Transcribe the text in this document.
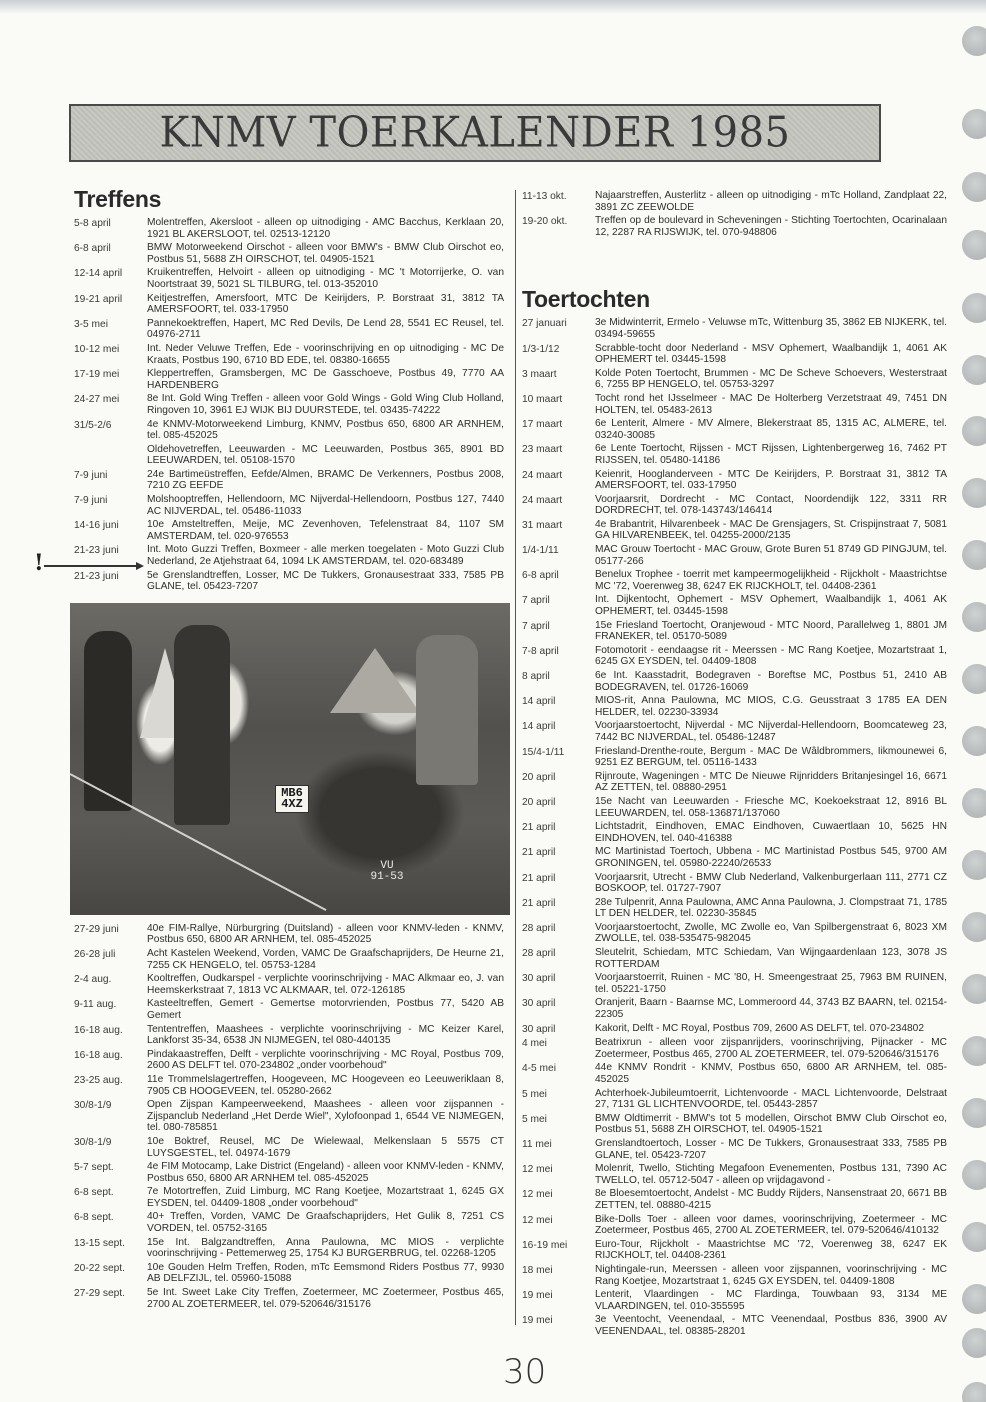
KNMV TOERKALENDER 1985
!
Treffens
5-8 april	Molentreffen, Akersloot - alleen op uitnodiging - AMC Bacchus, Kerklaan 20, 1921 BL AKERSLOOT, tel. 02513-12120
6-8 april	BMW Motorweekend Oirschot - alleen voor BMW's - BMW Club Oirschot eo, Postbus 51, 5688 ZH OIRSCHOT, tel. 04905-1521
12-14 april	Kruikentreffen, Helvoirt - alleen op uitnodiging - MC 't Motorrijerke, O. van Noortstraat 39, 5021 SL TILBURG, tel. 013-352010
19-21 april	Keitjestreffen, Amersfoort, MTC De Keirijders, P. Borstraat 31, 3812 TA AMERSFOORT, tel. 033-17950
3-5 mei	Pannekoektreffen, Hapert, MC Red Devils, De Lend 28, 5541 EC Reusel, tel. 04976-2711
10-12 mei	Int. Neder Veluwe Treffen, Ede - voorinschrijving en op uitnodiging - MC De Kraats, Postbus 190, 6710 BD EDE, tel. 08380-16655
17-19 mei	Kleppertreffen, Gramsbergen, MC De Gasschoeve, Postbus 49, 7770 AA HARDENBERG
24-27 mei	8e Int. Gold Wing Treffen - alleen voor Gold Wings - Gold Wing Club Holland, Ringoven 10, 3961 EJ WIJK BIJ DUURSTEDE, tel. 03435-74222
31/5-2/6	4e KNMV-Motorweekend Limburg, KNMV, Postbus 650, 6800 AR ARNHEM, tel. 085-452025
Oldehovetreffen, Leeuwarden - MC Leeuwarden, Postbus 365, 8901 BD LEEUWARDEN, tel. 05108-1570
7-9 juni	24e Bartimeüstreffen, Eefde/Almen, BRAMC De Verkenners, Postbus 2008, 7210 ZG EEFDE
7-9 juni	Molshooptreffen, Hellendoorn, MC Nijverdal-Hellendoorn, Postbus 127, 7440 AC NIJVERDAL, tel. 05486-11033
14-16 juni	10e Amsteltreffen, Meije, MC Zevenhoven, Tefelenstraat 84, 1107 SM AMSTERDAM, tel. 020-976553
21-23 juni	Int. Moto Guzzi Treffen, Boxmeer - alle merken toegelaten - Moto Guzzi Club Nederland, 2e Atjehstraat 64, 1094 LK AMSTERDAM, tel. 020-683489
21-23 juni	5e Grenslandtreffen, Losser, MC De Tukkers, Gronausestraat 333, 7585 PB GLANE, tel. 05423-7207
MB6 4XZ
VU 91-53
27-29 juni	40e FIM-Rallye, Nürburgring (Duitsland) - alleen voor KNMV-leden - KNMV, Postbus 650, 6800 AR ARNHEM, tel. 085-452025
26-28 juli	Acht Kastelen Weekend, Vorden, VAMC De Graafschaprijders, De Heurne 21, 7255 CK HENGELO, tel. 05753-1284
2-4 aug.	Kooltreffen, Oudkarspel - verplichte voorinschrijving - MAC Alkmaar eo, J. van Heemskerkstraat 7, 1813 VC ALKMAAR, tel. 072-126185
9-11 aug.	Kasteeltreffen, Gemert - Gemertse motorvrienden, Postbus 77, 5420 AB Gemert
16-18 aug.	Tententreffen, Maashees - verplichte voorinschrijving - MC Keizer Karel, Lankforst 35-34, 6538 JN NIJMEGEN, tel 080-440135
16-18 aug.	Pindakaastreffen, Delft - verplichte voorinschrijving - MC Royal, Postbus 709, 2600 AS DELFT tel. 070-234802 „onder voorbehoud"
23-25 aug.	11e Trommelslagertreffen, Hoogeveen, MC Hoogeveen eo Leeuweriklaan 8, 7905 CB HOOGEVEEN, tel. 05280-2662
30/8-1/9	Open Zijspan Kampeerweekend, Maashees - alleen voor zijspannen - Zijspanclub Nederland „Het Derde Wiel", Xylofoonpad 1, 6544 VE NIJMEGEN, tel. 080-785851
30/8-1/9	10e Boktref, Reusel, MC De Wielewaal, Melkenslaan 5 5575 CT LUYSGESTEL, tel. 04974-1679
5-7 sept.	4e FIM Motocamp, Lake District (Engeland) - alleen voor KNMV-leden - KNMV, Postbus 650, 6800 AR ARNHEM tel. 085-452025
6-8 sept.	7e Motortreffen, Zuid Limburg, MC Rang Koetjee, Mozartstraat 1, 6245 GX EYSDEN, tel. 04409-1808 „onder voorbehoud"
6-8 sept.	40+ Treffen, Vorden, VAMC De Graafschaprijders, Het Gulik 8, 7251 CS VORDEN, tel. 05752-3165
13-15 sept.	15e Int. Balgzandtreffen, Anna Paulowna, MC MIOS - verplichte voorinschrijving - Pettemerweg 25, 1754 KJ BURGERBRUG, tel. 02268-1205
20-22 sept.	10e Gouden Helm Treffen, Roden, mTc Eemsmond Riders Postbus 77, 9930 AB DELFZIJL, tel. 05960-15088
27-29 sept.	5e Int. Sweet Lake City Treffen, Zoetermeer, MC Zoetermeer, Postbus 465, 2700 AL ZOETERMEER, tel. 079-520646/315176
11-13 okt.	Najaarstreffen, Austerlitz - alleen op uitnodiging - mTc Holland, Zandplaat 22, 3891 ZC ZEEWOLDE
19-20 okt.	Treffen op de boulevard in Scheveningen - Stichting Toertochten, Ocarinalaan 12, 2287 RA RIJSWIJK, tel. 070-948806
Toertochten
27 januari	3e Midwinterrit, Ermelo - Veluwse mTc, Wittenburg 35, 3862 EB NIJKERK, tel. 03494-59655
1/3-1/12	Scrabble-tocht door Nederland - MSV Ophemert, Waalbandijk 1, 4061 AK OPHEMERT tel. 03445-1598
3 maart	Kolde Poten Toertocht, Brummen - MC De Scheve Schoevers, Westerstraat 6, 7255 BP HENGELO, tel. 05753-3297
10 maart	Tocht rond het IJsselmeer - MAC De Holterberg Verzetstraat 49, 7451 DN HOLTEN, tel. 05483-2613
17 maart	6e Lenterit, Almere - MV Almere, Blekerstraat 85, 1315 AC, ALMERE, tel. 03240-30085
23 maart	6e Lente Toertocht, Rijssen - MCT Rijssen, Lightenbergerweg 16, 7462 PT RIJSSEN, tel. 05480-14186
24 maart	Keienrit, Hooglanderveen - MTC De Keirijders, P. Borstraat 31, 3812 TA AMERSFOORT, tel. 033-17950
24 maart	Voorjaarsrit, Dordrecht - MC Contact, Noordendijk 122, 3311 RR DORDRECHT, tel. 078-143743/146414
31 maart	4e Brabantrit, Hilvarenbeek - MAC De Grensjagers, St. Crispijnstraat 7, 5081 GA HILVARENBEEK, tel. 04255-2000/2135
1/4-1/11	MAC Grouw Toertocht - MAC Grouw, Grote Buren 51 8749 GD PINGJUM, tel. 05177-266
6-8 april	Benelux Trophee - toerrit met kampeermogelijkheid - Rijckholt - Maastrichtse MC '72, Voerenweg 38, 6247 EK RIJCKHOLT, tel. 04408-2361
7 april	Int. Dijkentocht, Ophemert - MSV Ophemert, Waalbandijk 1, 4061 AK OPHEMERT, tel. 03445-1598
7 april	15e Friesland Toertocht, Oranjewoud - MTC Noord, Parallelweg 1, 8801 JM FRANEKER, tel. 05170-5089
7-8 april	Fotomotorit - eendaagse rit - Meerssen - MC Rang Koetjee, Mozartstraat 1, 6245 GX EYSDEN, tel. 04409-1808
8 april	6e Int. Kaasstadrit, Bodegraven - Boreftse MC, Postbus 51, 2410 AB BODEGRAVEN, tel. 01726-16069
14 april	MIOS-rit, Anna Paulowna, MC MIOS, C.G. Geusstraat 3 1785 EA DEN HELDER, tel. 02230-33934
14 april	Voorjaarstoertocht, Nijverdal - MC Nijverdal-Hellendoorn, Boomcateweg 23, 7442 BC NIJVERDAL, tel. 05486-12487
15/4-1/11	Friesland-Drenthe-route, Bergum - MAC De Wâldbrommers, Iikmounewei 6, 9251 EZ BERGUM, tel. 05116-1433
20 april	Rijnroute, Wageningen - MTC De Nieuwe Rijnridders Britanjesingel 16, 6671 AZ ZETTEN, tel. 08880-2951
20 april	15e Nacht van Leeuwarden - Friesche MC, Koekoekstraat 12, 8916 BL LEEUWARDEN, tel. 058-136871/137060
21 april	Lichtstadrit, Eindhoven, EMAC Eindhoven, Cuwaertlaan 10, 5625 HN EINDHOVEN, tel. 040-416388
21 april	MC Martinistad Toertoch, Ubbena - MC Martinistad Postbus 545, 9700 AM GRONINGEN, tel. 05980-22240/26533
21 april	Voorjaarsrit, Utrecht - BMW Club Nederland, Valkenburgerlaan 111, 2771 CZ BOSKOOP, tel. 01727-7907
21 april	28e Tulpenrit, Anna Paulowna, AMC Anna Paulowna, J. Clompstraat 71, 1785 LT DEN HELDER, tel. 02230-35845
28 april	Voorjaarstoertocht, Zwolle, MC Zwolle eo, Van Spilbergenstraat 6, 8023 XM ZWOLLE, tel. 038-535475-982045
28 april	Sleutelrit, Schiedam, MTC Schiedam, Van Wijngaardenlaan 123, 3078 JS ROTTERDAM
30 april	Voorjaarstoerrit, Ruinen - MC '80, H. Smeengestraat 25, 7963 BM RUINEN, tel. 05221-1750
30 april	Oranjerit, Baarn - Baarnse MC, Lommeroord 44, 3743 BZ BAARN, tel. 02154-22305
30 april	Kakorit, Delft - MC Royal, Postbus 709, 2600 AS DELFT, tel. 070-234802
4 mei	Beatrixrun - alleen voor zijspanrijders, voorinschrijving, Pijnacker - MC Zoetermeer, Postbus 465, 2700 AL ZOETERMEER, tel. 079-520646/315176
4-5 mei	44e KNMV Rondrit - KNMV, Postbus 650, 6800 AR ARNHEM, tel. 085-452025
5 mei	Achterhoek-Jubileumtoerrit, Lichtenvoorde - MACL Lichtenvoorde, Delstraat 27, 7131 GL LICHTENVOORDE, tel. 05443-2857
5 mei	BMW Oldtimerrit - BMW's tot 5 modellen, Oirschot BMW Club Oirschot eo, Postbus 51, 5688 ZH OIRSCHOT, tel. 04905-1521
11 mei	Grenslandtoertoch, Losser - MC De Tukkers, Gronausestraat 333, 7585 PB GLANE, tel. 05423-7207
12 mei	Molenrit, Twello, Stichting Megafoon Evenementen, Postbus 131, 7390 AC TWELLO, tel. 05712-5047 - alleen op vrijdagavond -
12 mei	8e Bloesemtoertocht, Andelst - MC Buddy Rijders, Nansenstraat 20, 6671 BB ZETTEN, tel. 08880-4215
12 mei	Bike-Dolls Toer - alleen voor dames, voorinschrijving, Zoetermeer - MC Zoetermeer, Postbus 465, 2700 AL ZOETERMEER, tel. 079-520646/410132
16-19 mei	Euro-Tour, Rijckholt - Maastrichtse MC '72, Voerenweg 38, 6247 EK RIJCKHOLT, tel. 04408-2361
18 mei	Nightingale-run, Meerssen - alleen voor zijspannen, voorinschrijving - MC Rang Koetjee, Mozartstraat 1, 6245 GX EYSDEN, tel. 04409-1808
19 mei	Lenterit, Vlaardingen - MC Flardinga, Touwbaan 93, 3134 ME VLAARDINGEN, tel. 010-355595
19 mei	3e Veentocht, Veenendaal, - MTC Veenendaal, Postbus 836, 3900 AV VEENENDAAL, tel. 08385-28201
30
